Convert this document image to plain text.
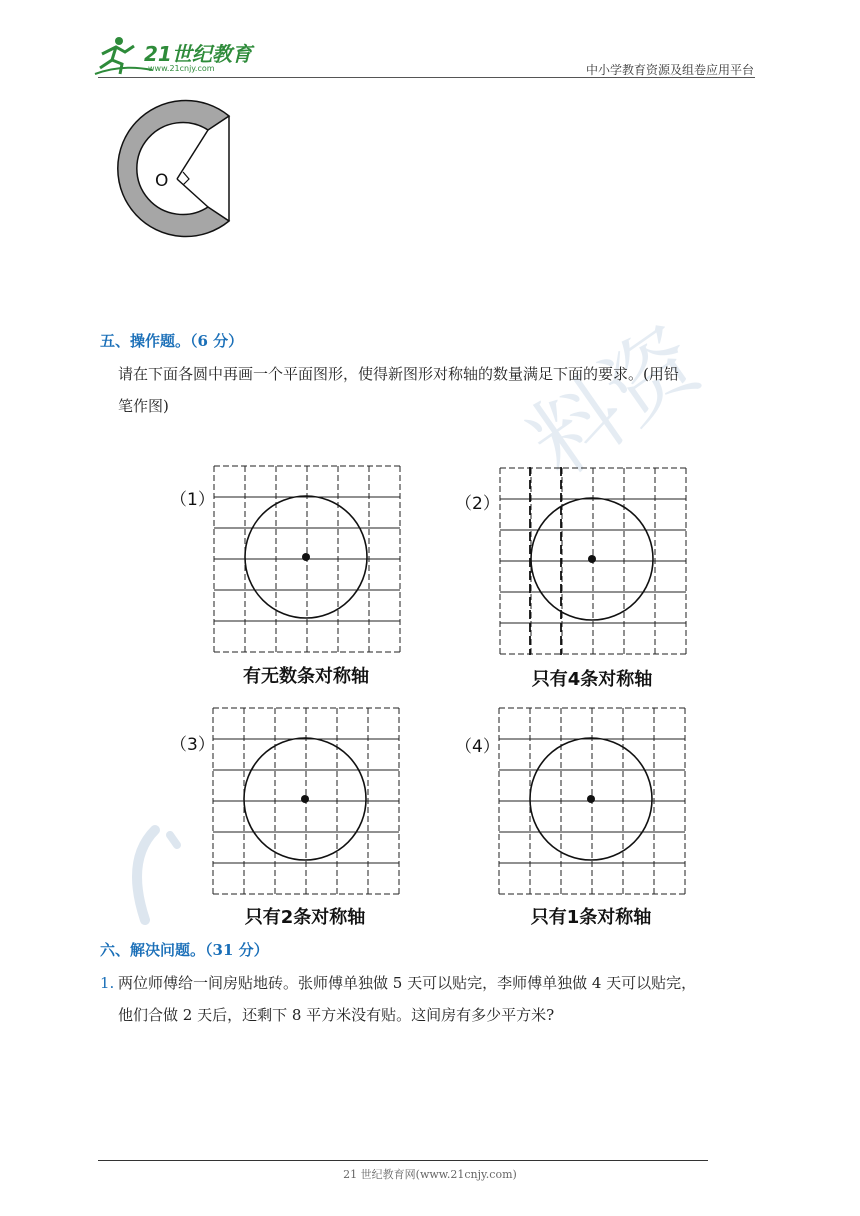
21世纪教育
www.21cnjy.com	中小学教育资源及组卷应用平台
料资
O
五、操作题。（6 分）
请在下面各圆中再画一个平面图形，使得新图形对称轴的数量满足下面的要求。(用铅
笔作图)
（1）
有无数条对称轴
（2）
只有4条对称轴
（3）
只有2条对称轴
（4）
只有1条对称轴
六、解决问题。（31 分）
1. 两位师傅给一间房贴地砖。张师傅单独做 5 天可以贴完，李师傅单独做 4 天可以贴完，
他们合做 2 天后，还剩下 8 平方米没有贴。这间房有多少平方米?
21 世纪教育网(www.21cnjy.com)
